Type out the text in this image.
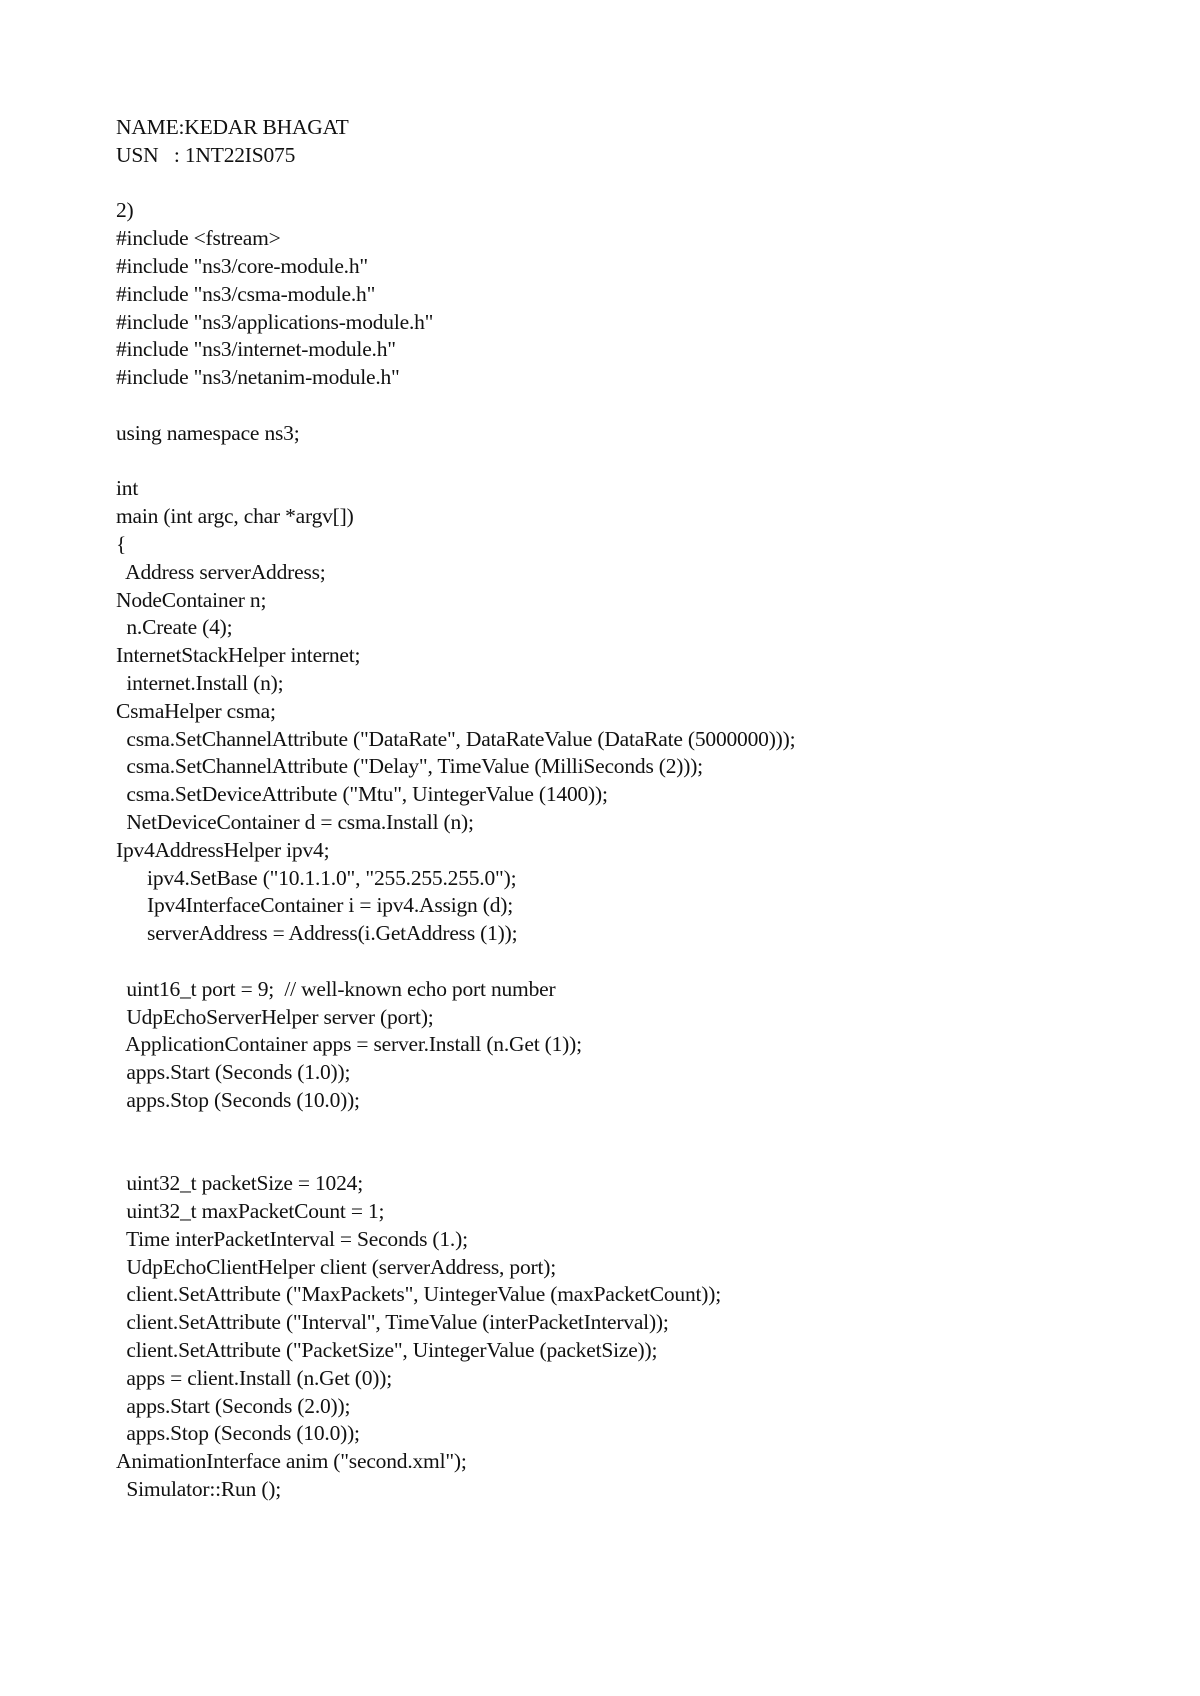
NAME:KEDAR BHAGAT
USN   : 1NT22IS075
2)
#include <fstream>
#include "ns3/core-module.h"
#include "ns3/csma-module.h"
#include "ns3/applications-module.h"
#include "ns3/internet-module.h"
#include "ns3/netanim-module.h"
using namespace ns3;
int
main (int argc, char *argv[])
{
Address serverAddress;
NodeContainer n;
n.Create (4);
InternetStackHelper internet;
internet.Install (n);
CsmaHelper csma;
csma.SetChannelAttribute ("DataRate", DataRateValue (DataRate (5000000)));
csma.SetChannelAttribute ("Delay", TimeValue (MilliSeconds (2)));
csma.SetDeviceAttribute ("Mtu", UintegerValue (1400));
NetDeviceContainer d = csma.Install (n);
Ipv4AddressHelper ipv4;
ipv4.SetBase ("10.1.1.0", "255.255.255.0");
Ipv4InterfaceContainer i = ipv4.Assign (d);
serverAddress = Address(i.GetAddress (1));
uint16_t port = 9;  // well-known echo port number
UdpEchoServerHelper server (port);
ApplicationContainer apps = server.Install (n.Get (1));
apps.Start (Seconds (1.0));
apps.Stop (Seconds (10.0));
uint32_t packetSize = 1024;
uint32_t maxPacketCount = 1;
Time interPacketInterval = Seconds (1.);
UdpEchoClientHelper client (serverAddress, port);
client.SetAttribute ("MaxPackets", UintegerValue (maxPacketCount));
client.SetAttribute ("Interval", TimeValue (interPacketInterval));
client.SetAttribute ("PacketSize", UintegerValue (packetSize));
apps = client.Install (n.Get (0));
apps.Start (Seconds (2.0));
apps.Stop (Seconds (10.0));
AnimationInterface anim ("second.xml");
Simulator::Run ();
